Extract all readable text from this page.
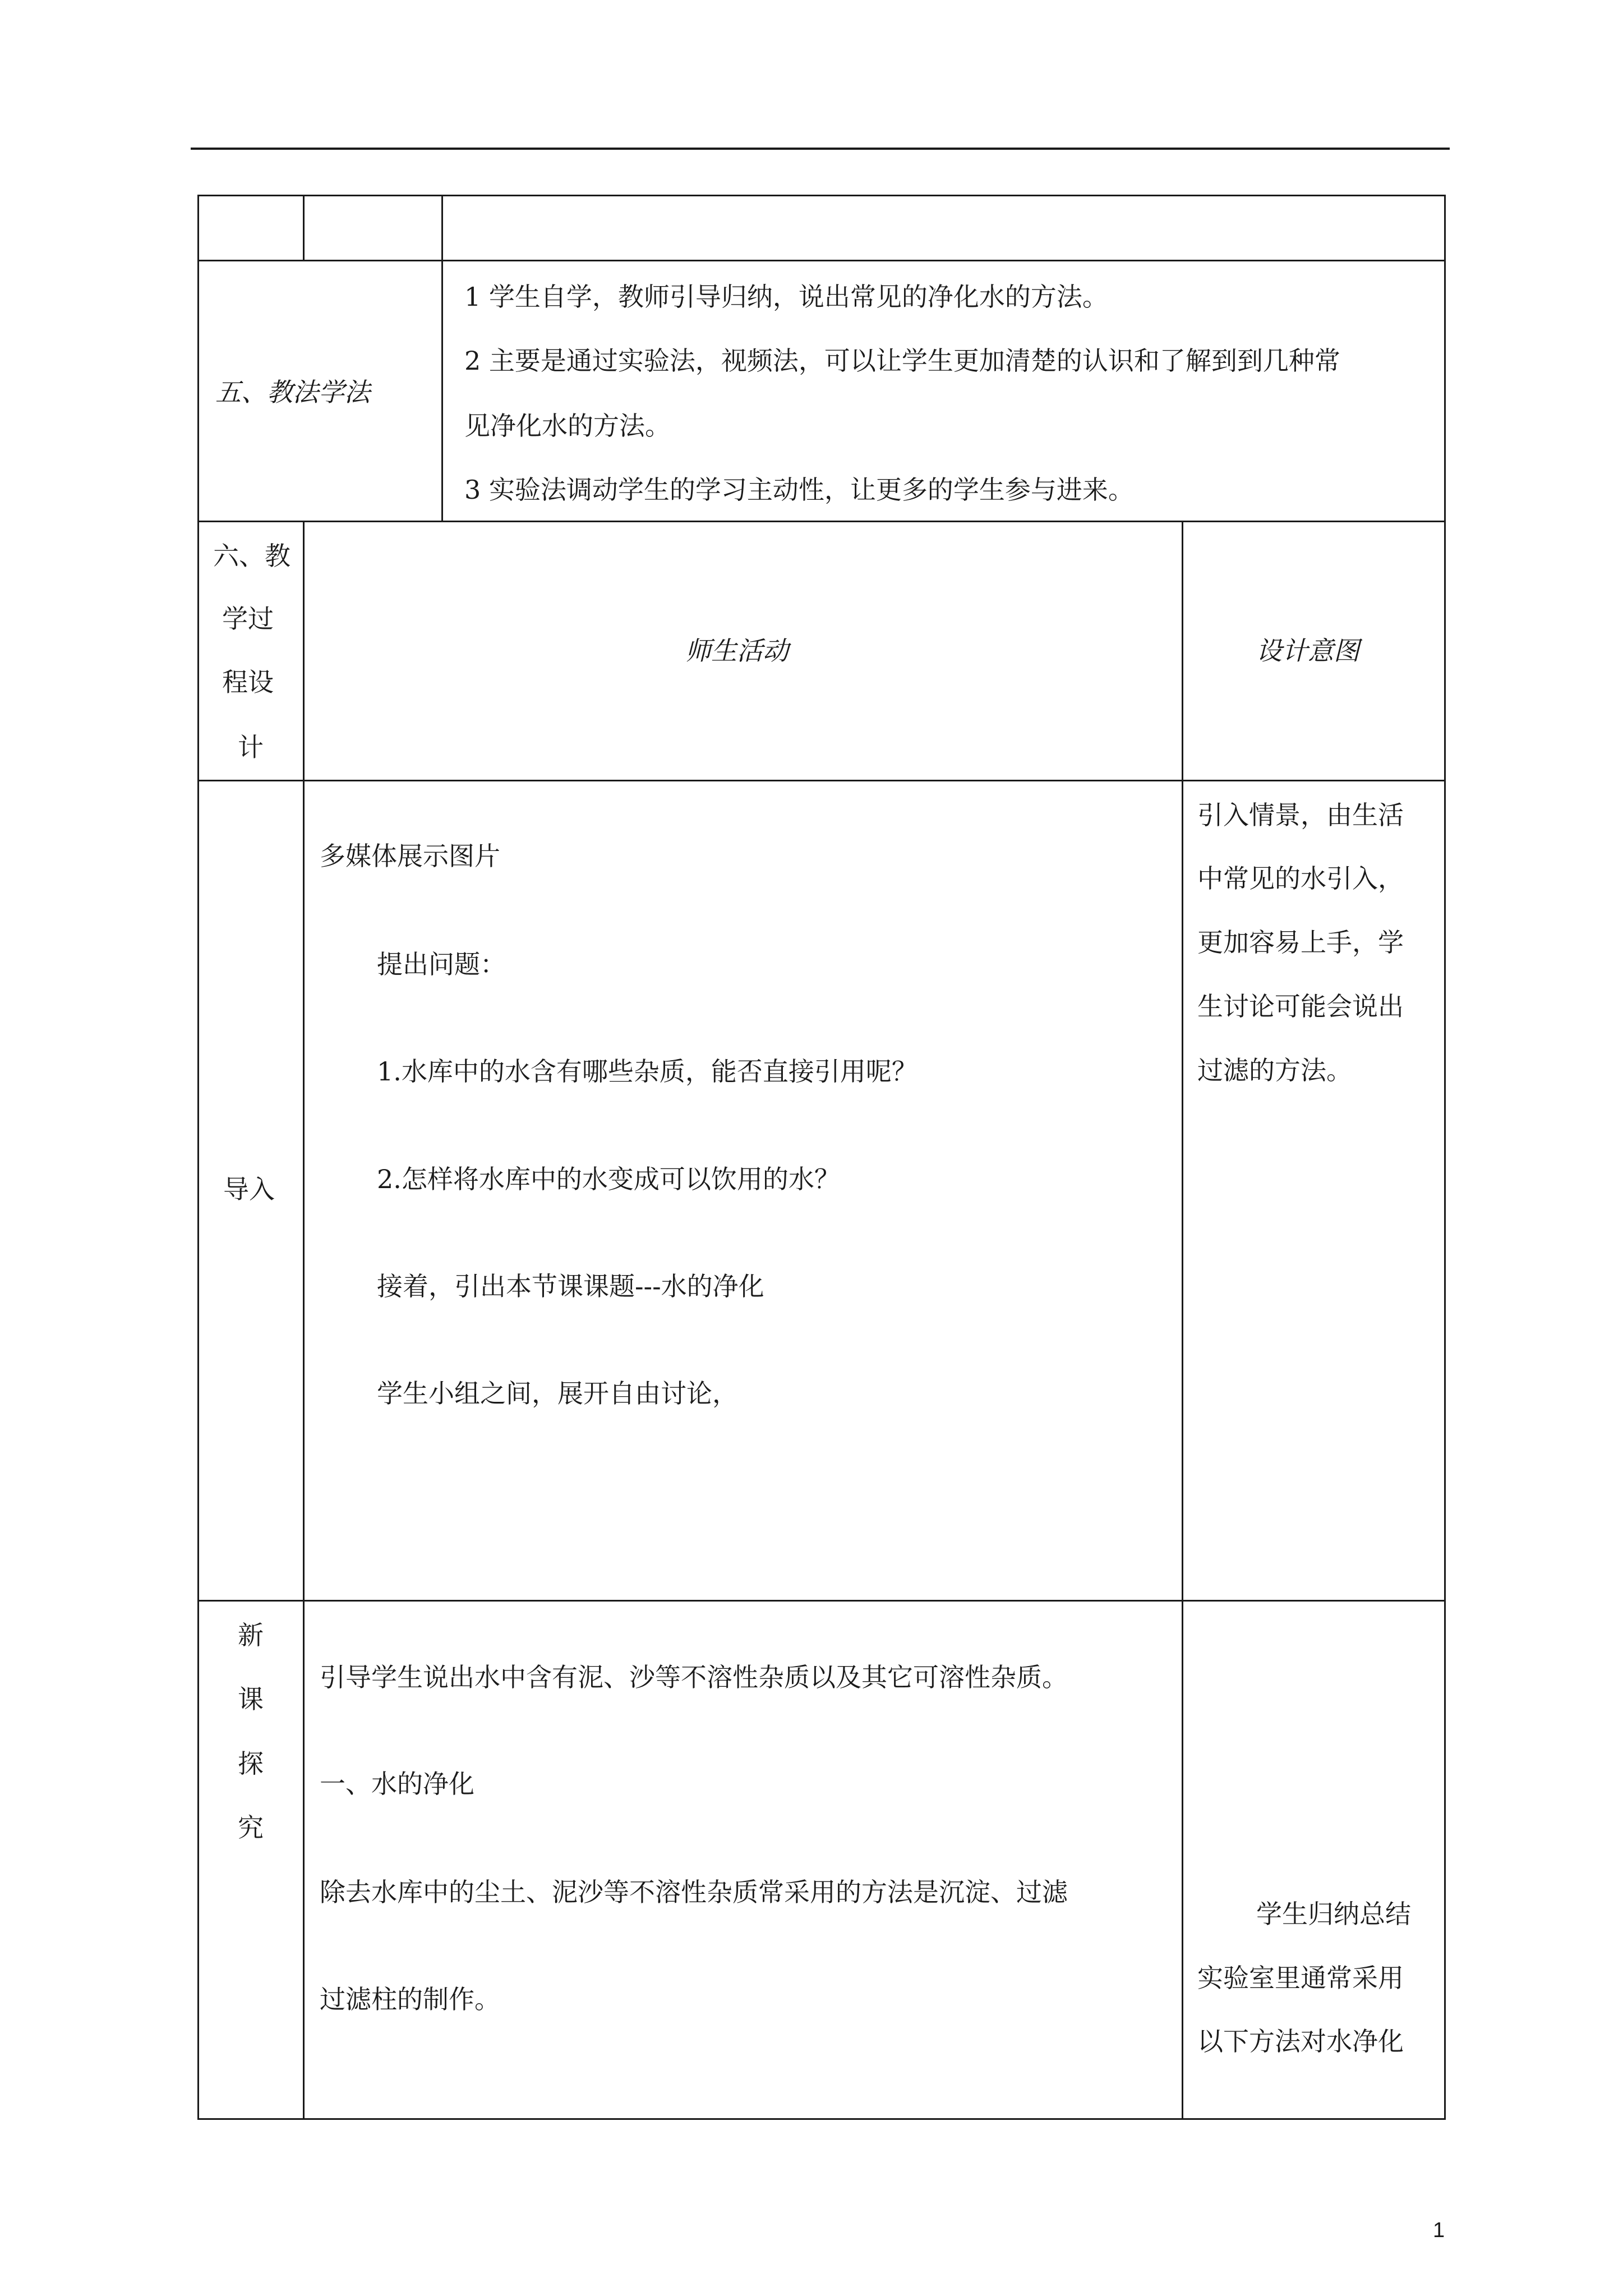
五、教法学法
1 学生自学，教师引导归纳，说出常见的净化水的方法。
2 主要是通过实验法，视频法，可以让学生更加清楚的认识和了解到到几种常
见净化水的方法。
3 实验法调动学生的学习主动性，让更多的学生参与进来。
六、教
学过
程设
计
师生活动	设计意图
导入
多媒体展示图片
提出问题：
1.水库中的水含有哪些杂质，能否直接引用呢？
2.怎样将水库中的水变成可以饮用的水？
接着，引出本节课课题---水的净化
学生小组之间，展开自由讨论，
引入情景，由生活
中常见的水引入，
更加容易上手，学
生讨论可能会说出
过滤的方法。
新
课
探
究
引导学生说出水中含有泥、沙等不溶性杂质以及其它可溶性杂质。
一、水的净化
除去水库中的尘土、泥沙等不溶性杂质常采用的方法是沉淀、过滤
过滤柱的制作。
学生归纳总结
实验室里通常采用
以下方法对水净化
1
